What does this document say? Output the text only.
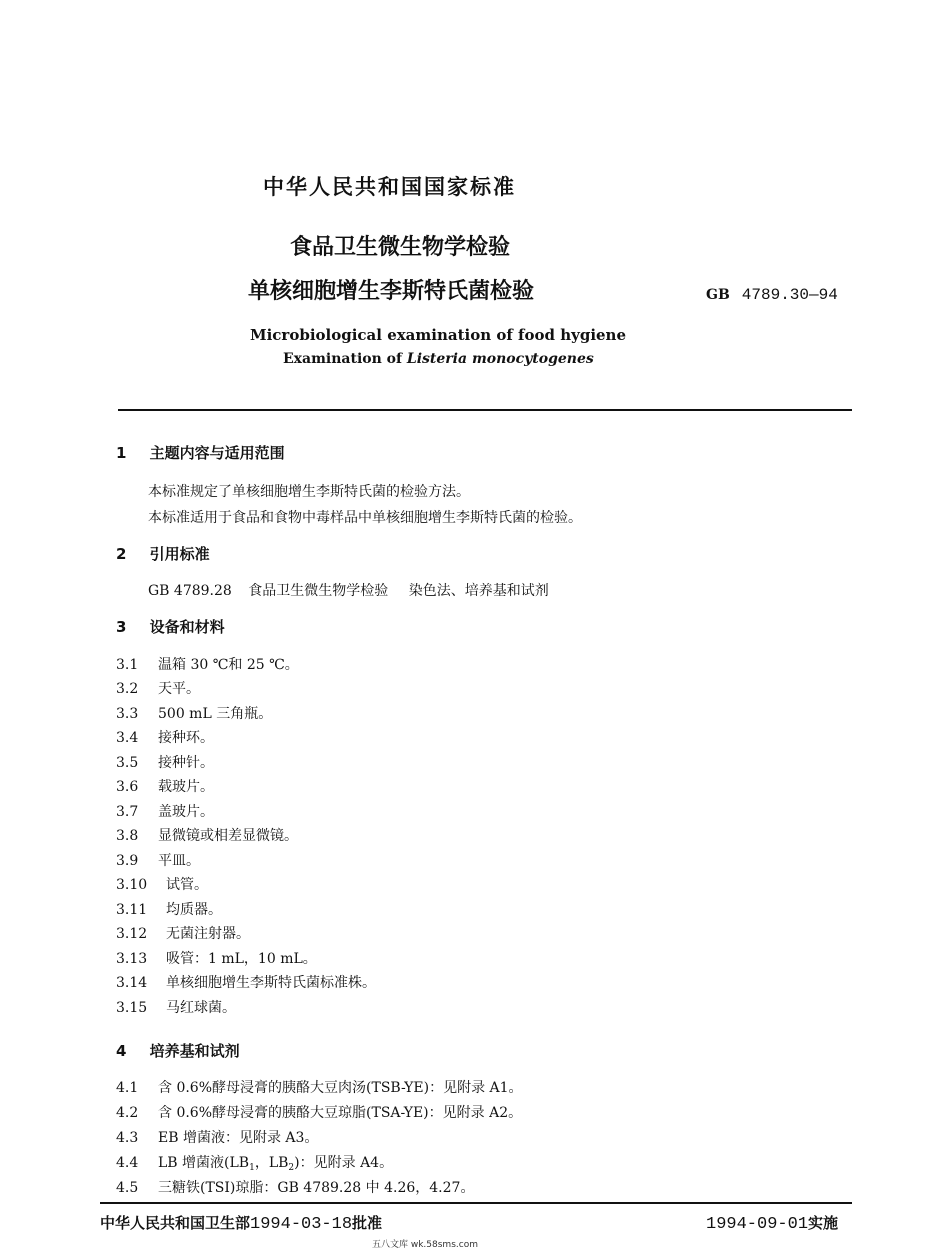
中华人民共和国国家标准
食品卫生微生物学检验
单核细胞增生李斯特氏菌检验	GB 4789.30—94
Microbiological examination of food hygiene
Examination of Listeria monocytogenes
1 主题内容与适用范围
本标准规定了单核细胞增生李斯特氏菌的检验方法。
本标准适用于食品和食物中毒样品中单核细胞增生李斯特氏菌的检验。
2 引用标准
GB 4789.28 食品卫生微生物学检验 染色法、培养基和试剂
3 设备和材料
3.1 温箱 30 ℃和 25 ℃。
3.2 天平。
3.3 500 mL 三角瓶。
3.4 接种环。
3.5 接种针。
3.6 载玻片。
3.7 盖玻片。
3.8 显微镜或相差显微镜。
3.9 平皿。
3.10 试管。
3.11 均质器。
3.12 无菌注射器。
3.13 吸管：1 mL，10 mL。
3.14 单核细胞增生李斯特氏菌标准株。
3.15 马红球菌。
4 培养基和试剂
4.1 含 0.6%酵母浸膏的胰酪大豆肉汤(TSB-YE)：见附录 A1。
4.2 含 0.6%酵母浸膏的胰酪大豆琼脂(TSA-YE)：见附录 A2。
4.3 EB 增菌液：见附录 A3。
4.4 LB 增菌液($LB_1$，$LB_2$)：见附录 A4。
4.5 三糖铁(TSI)琼脂：GB 4789.28 中 4.26，4.27。
中华人民共和国卫生部1994-03-18批准	1994-09-01实施
五八文库 wk.58sms.com
